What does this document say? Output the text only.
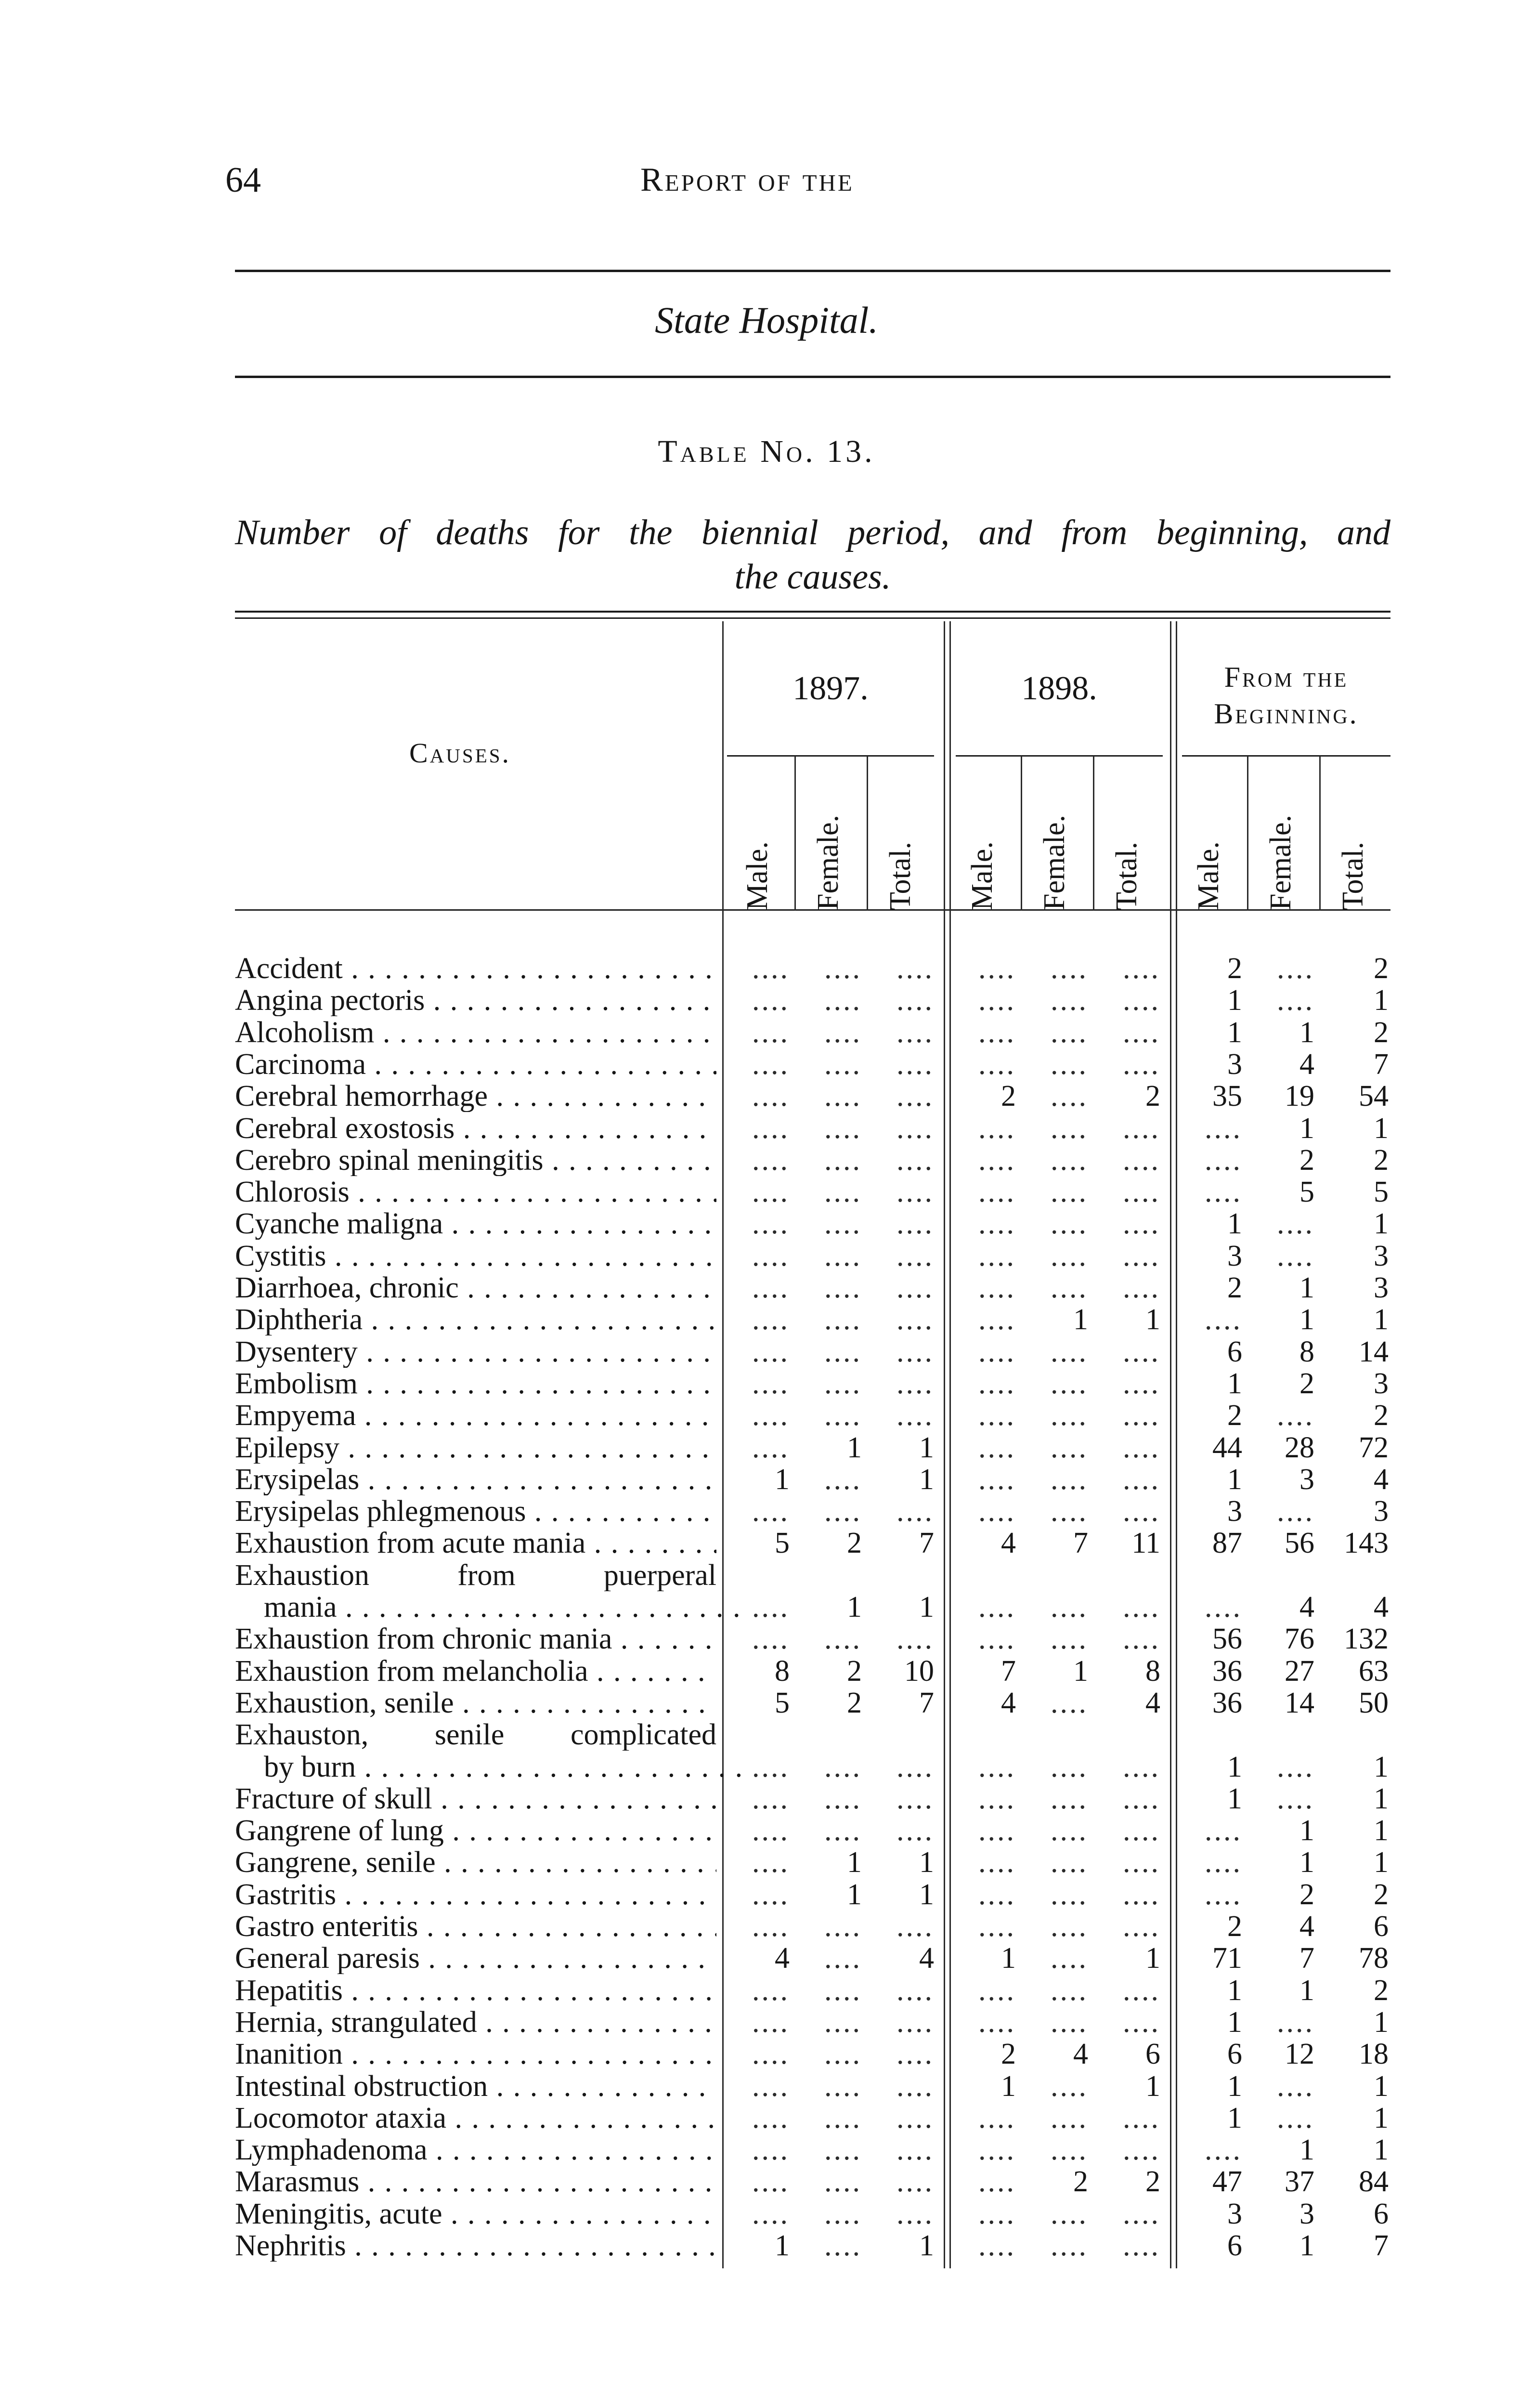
64	Report of the
State Hospital.
Table No. 13.
Number of deaths for the biennial period, and from beginning, and
the causes.
1897.	1898.	From the
Beginning.
Causes.
Male. Female. Total. Male. Female. Total. Male. Female. Total.
Accident . . .	....	....	....	....	....	....	2	....	2
Angina pectoris . . .	....	....	....	....	....	....	1	....	1
Alcoholism . . .	....	....	....	....	....	....	1	1	2
Carcinoma . . .	....	....	....	....	....	....	3	4	7
Cerebral hemorrhage . . .	....	....	....	2	....	2	35	19	54
Cerebral exostosis . . .	....	....	....	....	....	....	....	1	1
Cerebro spinal meningitis . . .	....	....	....	....	....	....	....	2	2
Chlorosis . . .	....	....	....	....	....	....	....	5	5
Cyanche maligna . . .	....	....	....	....	....	....	1	....	1
Cystitis . . .	....	....	....	....	....	....	3	....	3
Diarrhoea, chronic . . .	....	....	....	....	....	....	2	1	3
Diphtheria . . .	....	....	....	....	1	1	....	1	1
Dysentery . . .	....	....	....	....	....	....	6	8	14
Embolism . . .	....	....	....	....	....	....	1	2	3
Empyema . . .	....	....	....	....	....	....	2	....	2
Epilepsy . . .	....	1	1	....	....	....	44	28	72
Erysipelas . . .	1	....	1	....	....	....	1	3	4
Erysipelas phlegmenous . . .	....	....	....	....	....	....	3	....	3
Exhaustion from acute mania . . .	5	2	7	4	7	11	87	56 143
Exhaustion from puerperal
mania . . .	....	1	1	....	....	....	....	4	4
Exhaustion from chronic mania . . .	....	....	....	....	....	....	56	76 132
Exhaustion from melancholia . . .	8	2	10	7	1	8	36	27	63
Exhaustion, senile . . .	5	2	7	4	....	4	36	14	50
Exhauston, senile complicated
by burn . . .	....	....	....	....	....	....	1	....	1
Fracture of skull . . .	....	....	....	....	....	....	1	....	1
Gangrene of lung . . .	....	....	....	....	....	....	....	1	1
Gangrene, senile . . .	....	1	1	....	....	....	....	1	1
Gastritis . . .	....	1	1	....	....	....	....	2	2
Gastro enteritis . . .	....	....	....	....	....	....	2	4	6
General paresis . . .	4	....	4	1	....	1	71	7	78
Hepatitis . . .	....	....	....	....	....	....	1	1	2
Hernia, strangulated . . .	....	....	....	....	....	....	1	....	1
Inanition . . .	....	....	....	2	4	6	6	12	18
Intestinal obstruction . . .	....	....	....	1	....	1	1	....	1
Locomotor ataxia . . .	....	....	....	....	....	....	1	....	1
Lymphadenoma . . .	....	....	....	....	....	....	....	1	1
Marasmus . . .	....	....	....	....	2	2	47	37	84
Meningitis, acute . . .	....	....	....	....	....	....	3	3	6
Nephritis . . .	1	....	1	....	....	....	6	1	7
